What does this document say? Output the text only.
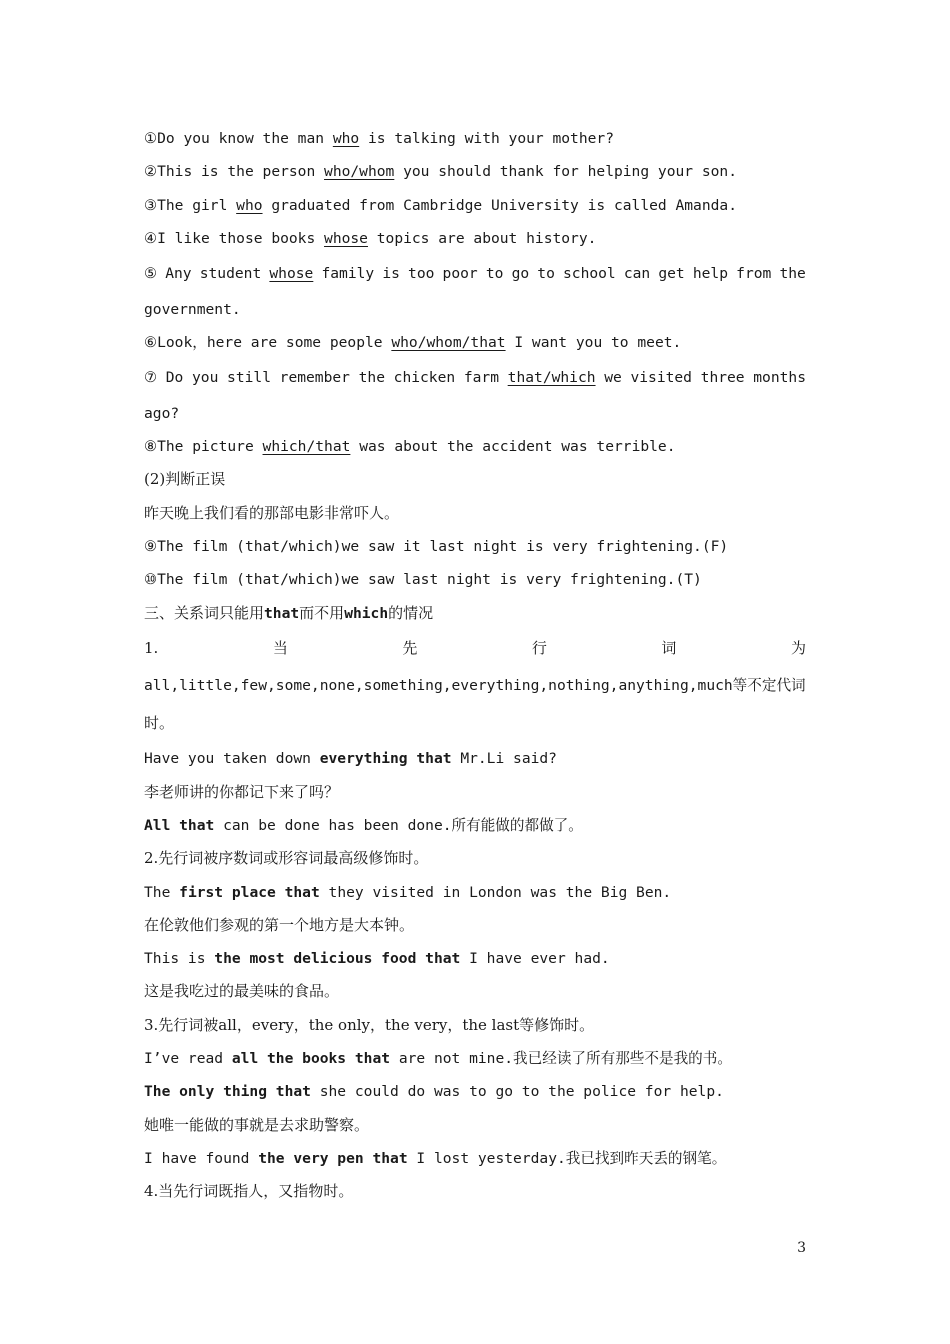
①Do you know the man who is talking with your mother?
②This is the person who/whom you should thank for helping your son.
③The girl who graduated from Cambridge University is called Amanda.
④I like those books whose topics are about history.
⑤ Any student whose family is too poor to go to school can get help from the
government.
⑥Look，here are some people who/whom/that I want you to meet.
⑦ Do you still remember the chicken farm that/which we visited three months
ago?
⑧The picture which/that was about the accident was terrible.
(2)判断正误
昨天晚上我们看的那部电影非常吓人。
⑨The film (that/which)we saw it last night is very frightening.(F)
⑩The film (that/which)we saw last night is very frightening.(T)
三、关系词只能用that而不用which的情况
1.	当	先	行	词	为
all,little,few,some,none,something,everything,nothing,anything,much等不定代词
时。
Have you taken down everything that Mr.Li said?
李老师讲的你都记下来了吗？
All that can be done has been done.所有能做的都做了。
2.先行词被序数词或形容词最高级修饰时。
The first place that they visited in London was the Big Ben.
在伦敦他们参观的第一个地方是大本钟。
This is the most delicious food that I have ever had.
这是我吃过的最美味的食品。
3.先行词被all，every，the only，the very，the last等修饰时。
I’ve read all the books that are not mine.我已经读了所有那些不是我的书。
The only thing that she could do was to go to the police for help.
她唯一能做的事就是去求助警察。
I have found the very pen that I lost yesterday.我已找到昨天丢的钢笔。
4.当先行词既指人，又指物时。
3
